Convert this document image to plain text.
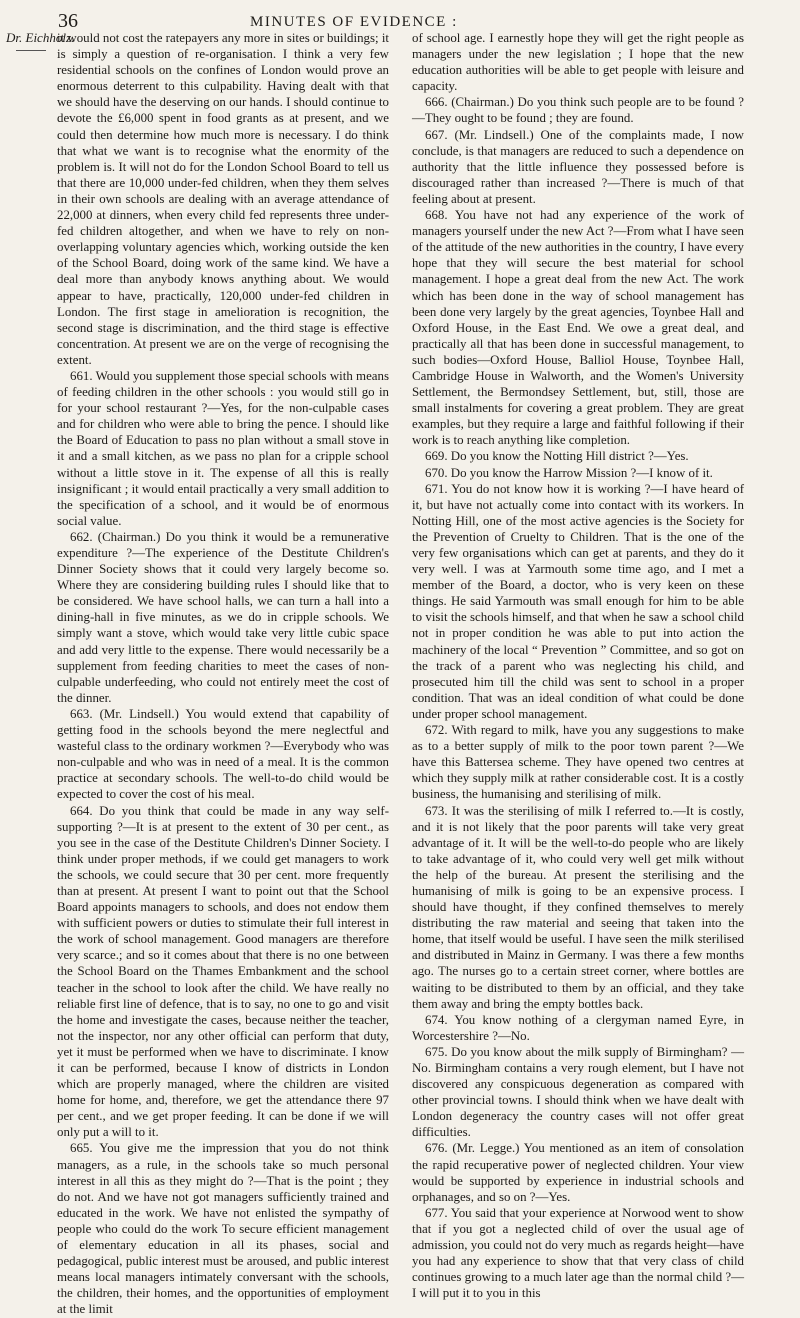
36	MINUTES OF EVIDENCE :
Dr. Eichholz.

it would not cost the ratepayers any more in sites or buildings; it is simply a question of re-organisation. I think a very few residential schools on the confines of London would prove an enormous deterrent to this culpability. Having dealt with that we should have the deserving on our hands. I should continue to devote the £6,000 spent in food grants as at present, and we could then determine how much more is necessary. I do think that what we want is to recognise what the enormity of the problem is. It will not do for the London School Board to tell us that there are 10,000 under-fed children, when they them selves in their own schools are dealing with an average attendance of 22,000 at dinners, when every child fed represents three under-fed children altogether, and when we have to rely on non-overlapping voluntary agencies which, working outside the ken of the School Board, doing work of the same kind. We have a deal more than anybody knows anything about. We would appear to have, practically, 120,000 under-fed children in London. The first stage in amelioration is recognition, the second stage is discrimination, and the third stage is effective concentration. At present we are on the verge of recognising the extent.

661. Would you supplement those special schools with means of feeding children in the other schools : you would still go in for your school restaurant ?—Yes, for the non-culpable cases and for children who were able to bring the pence. I should like the Board of Education to pass no plan without a small stove in it and a small kitchen, as we pass no plan for a cripple school without a little stove in it. The expense of all this is really insignificant ; it would entail practically a very small addition to the specification of a school, and it would be of enormous social value.

662. (Chairman.) Do you think it would be a remunerative expenditure ?—The experience of the Destitute Children's Dinner Society shows that it could very largely become so. Where they are considering building rules I should like that to be considered. We have school halls, we can turn a hall into a dining-hall in five minutes, as we do in cripple schools. We simply want a stove, which would take very little cubic space and add very little to the expense. There would necessarily be a supplement from feeding charities to meet the cases of non-culpable underfeeding, who could not entirely meet the cost of the dinner.

663. (Mr. Lindsell.) You would extend that capability of getting food in the schools beyond the mere neglectful and wasteful class to the ordinary workmen ?—Everybody who was non-culpable and who was in need of a meal. It is the common practice at secondary schools. The well-to-do child would be expected to cover the cost of his meal.

664. Do you think that could be made in any way self-supporting ?—It is at present to the extent of 30 per cent., as you see in the case of the Destitute Children's Dinner Society. I think under proper methods, if we could get managers to work the schools, we could secure that 30 per cent. more frequently than at present. At present I want to point out that the School Board appoints managers to schools, and does not endow them with sufficient powers or duties to stimulate their full interest in the work of school management. Good managers are therefore very scarce.; and so it comes about that there is no one between the School Board on the Thames Embankment and the school teacher in the school to look after the child. We have really no reliable first line of defence, that is to say, no one to go and visit the home and investigate the cases, because neither the teacher, not the inspector, nor any other official can perform that duty, yet it must be performed when we have to discriminate. I know it can be performed, because I know of districts in London which are properly managed, where the children are visited home for home, and, therefore, we get the attendance there 97 per cent., and we get proper feeding. It can be done if we will only put a will to it.

665. You give me the impression that you do not think managers, as a rule, in the schools take so much personal interest in all this as they might do ?—That is the point ; they do not. And we have not got managers sufficiently trained and educated in the work. We have not enlisted the sympathy of people who could do the work To secure efficient management of elementary education in all its phases, social and pedagogical, public interest must be aroused, and public interest means local managers intimately conversant with the schools, the children, their homes, and the opportunities of employment at the limit

of school age. I earnestly hope they will get the right people as managers under the new legislation ; I hope that the new education authorities will be able to get people with leisure and capacity.

666. (Chairman.) Do you think such people are to be found ?—They ought to be found ; they are found.

667. (Mr. Lindsell.) One of the complaints made, I now conclude, is that managers are reduced to such a dependence on authority that the little influence they possessed before is discouraged rather than increased ?—There is much of that feeling about at present.

668. You have not had any experience of the work of managers yourself under the new Act ?—From what I have seen of the attitude of the new authorities in the country, I have every hope that they will secure the best material for school management. I hope a great deal from the new Act. The work which has been done in the way of school management has been done very largely by the great agencies, Toynbee Hall and Oxford House, in the East End. We owe a great deal, and practically all that has been done in successful management, to such bodies—Oxford House, Balliol House, Toynbee Hall, Cambridge House in Walworth, and the Women's University Settlement, the Bermondsey Settlement, but, still, those are small instalments for covering a great problem. They are great examples, but they require a large and faithful following if their work is to reach anything like completion.

669. Do you know the Notting Hill district ?—Yes.

670. Do you know the Harrow Mission ?—I know of it.

671. You do not know how it is working ?—I have heard of it, but have not actually come into contact with its workers. In Notting Hill, one of the most active agencies is the Society for the Prevention of Cruelty to Children. That is the one of the very few organisations which can get at parents, and they do it very well. I was at Yarmouth some time ago, and I met a member of the Board, a doctor, who is very keen on these things. He said Yarmouth was small enough for him to be able to visit the schools himself, and that when he saw a school child not in proper condition he was able to put into action the machinery of the local “ Prevention ” Committee, and so got on the track of a parent who was neglecting his child, and prosecuted him till the child was sent to school in a proper condition. That was an ideal condition of what could be done under proper school management.

672. With regard to milk, have you any suggestions to make as to a better supply of milk to the poor town parent ?—We have this Battersea scheme. They have opened two centres at which they supply milk at rather considerable cost. It is a costly business, the humanising and sterilising of milk.

673. It was the sterilising of milk I referred to.—It is costly, and it is not likely that the poor parents will take very great advantage of it. It will be the well-to-do people who are likely to take advantage of it, who could very well get milk without the help of the bureau. At present the sterilising and the humanising of milk is going to be an expensive process. I should have thought, if they confined themselves to merely distributing the raw material and seeing that taken into the home, that itself would be useful. I have seen the milk sterilised and distributed in Mainz in Germany. I was there a few months ago. The nurses go to a certain street corner, where bottles are waiting to be distributed to them by an official, and they take them away and bring the empty bottles back.

674. You know nothing of a clergyman named Eyre, in Worcestershire ?—No.

675. Do you know about the milk supply of Birmingham? —No. Birmingham contains a very rough element, but I have not discovered any conspicuous degeneration as compared with other provincial towns. I should think when we have dealt with London degeneracy the country cases will not offer great difficulties.

676. (Mr. Legge.) You mentioned as an item of consolation the rapid recuperative power of neglected children. Your view would be supported by experience in industrial schools and orphanages, and so on ?—Yes.

677. You said that your experience at Norwood went to show that if you got a neglected child of over the usual age of admission, you could not do very much as regards height—have you had any experience to show that that very class of child continues growing to a much later age than the normal child ?—I will put it to you in this
